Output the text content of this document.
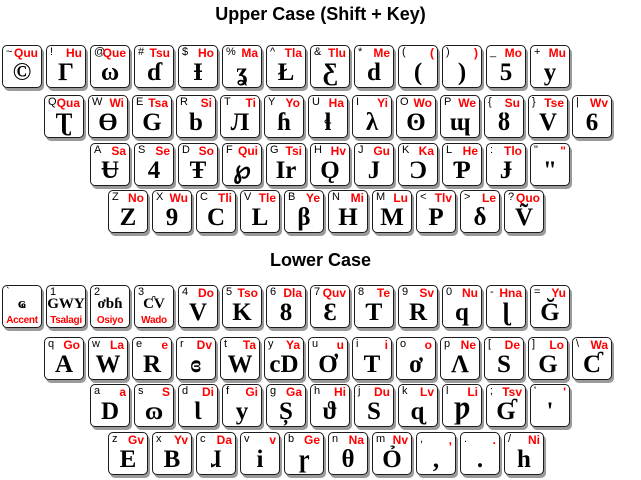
Upper Case (Shift + Key)
~ Quu
©
! Hu
Γ
@
Que
ω
# Tsu
ɗ
$ Ho
Ɨ
% Ma
ʓ
^ Tla
Ł
& Tlu
Ƹ
* Me
d
( (
(
) )
)
_ Mo
5
+ Mu
y
Q Qua
Ʈ
W Wi
Ɵ
E Tsa
G
R Si
b
T Ti
Л
Y Yo
ɦ
U Ha
ɬ
I Yi
λ
O Wo
ʘ
P We
ɰ
{ Su
ȣ
} Tse
V
| Wv
6
A Sa
Ʉ
S Se
4
D So
Ŧ
F Qui
℘
G Tsi
Ir
H Hv
Ǫ
J Gu
J
K Ka
Ɔ
L He
Ƥ
: Tlo
Ɉ
" "
"
Z No
Z
X Wu
9
C Tli
C
V Tle
L
B Ye
β
N Mi
H
M Lu
M
< Tlv
P
> Le
δ
? Quo
Ṽ
Lower Case
`
Accent
ҩ
1
Tsalagi
GWY
2
Osiyo
ơbɦ
3
Wado
ƇV
4 Do
V
5 Tso
K
6 Dla
8
7 Quv
Ɛ
8 Te
Ƭ
9 Sv
R
0 Nu
q
- Hna
ɭ
= Yu
Ğ
q Go
A
w La
W
e e
R
r Dv
ɞ
t Ta
W
y Ya
cD
u u
Ơ
i i
T
o o
ơ
p Ne
Λ
[ De
S
] Lo
G
\ Wa
Ƈ
a a
D
s S
ɷ
d Di
Ɩ
f Gi
y
g Ga
Ș
h Hi
ϑ
j Du
S
k Lv
ɋ
l Li
Ƿ
; Tsv
Ɠ
' '
'
z Gv
E
x Yv
B
c Da
ɺ
v v
i
b Ge
ɼ
n Na
θ
m Nv
Ỏ
, ,
,
. .
.
/ Ni
h
